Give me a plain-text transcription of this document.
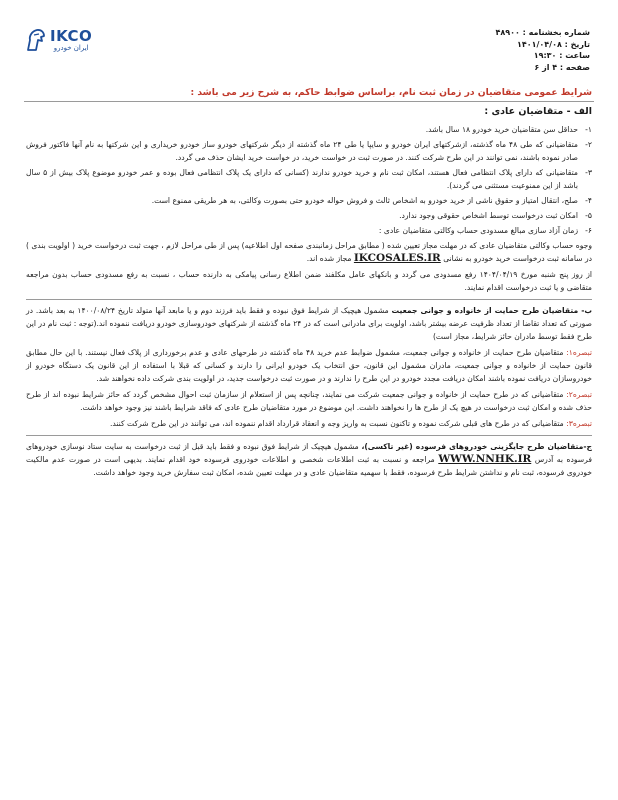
IKCO
ایران خودرو
شماره بخشنامه : ۴۸۹۰۰
تاریخ : ۱۴۰۱/۰۴/۰۸
ساعت : ۱۹:۳۰
صفحه : ۴ از ۶
شرایط عمومی متقاضیان در زمان ثبت نام، براساس ضوابط حاکم، به شرح زیر می باشد :
الف - متقاضیان عادی :
۱-
حداقل سن متقاضیان خرید خودرو ۱۸ سال باشد.
۲-
متقاضیانی که طی ۴۸ ماه گذشته، ازشرکتهای ایران خودرو و سایپا یا طی ۲۴ ماه گذشته از دیگر شرکتهای خودرو ساز خودرو خریداری و این شرکتها به نام آنها فاکتور فروش صادر نموده باشند، نمی توانند در این طرح شرکت کنند. در صورت ثبت در خواست خرید، در خواست خرید ایشان حذف می گردد.
۳-
متقاضیانی که دارای پلاک انتظامی فعال هستند، امکان ثبت نام و خرید خودرو ندارند (کسانی که دارای یک پلاک انتظامی فعال بوده و عمر خودرو موضوع پلاک بیش از ۵ سال باشد از این ممنوعیت مستثنی می گردند).
۴-
صلح، انتقال امتیاز و حقوق ناشی از خرید خودرو به اشخاص ثالث و فروش حواله خودرو حتی بصورت وکالتی، به هر طریقی ممنوع است.
۵-
امکان ثبت درخواست توسط اشخاص حقوقی وجود ندارد.
۶-
زمان آزاد سازی مبالغ مسدودی حساب وکالتی متقاضیان عادی :
وجوه حساب وکالتی متقاضیان عادی که در مهلت مجاز تعیین شده ( مطابق مراحل زمانبندی صفحه اول اطلاعیه) پس از طی مراحل لازم ، جهت ثبت درخواست خرید ( اولویت بندی ) در سامانه ثبت درخواست خرید خودرو به نشانی IKCOSALES.IR مجاز شده اند.
از روز پنج شنبه مورخ ۱۴۰۴/۰۴/۱۹ رفع مسدودی می گردد و بانکهای عامل مکلفند ضمن اطلاع رسانی پیامکی به دارنده حساب ، نسبت به رفع مسدودی حساب بدون مراجعه متقاضی و یا ثبت درخواست اقدام نمایند.
ب- متقاضیان طرح حمایت از خانواده و جوانی جمعیت مشمول هیچیک از شرایط فوق نبوده و فقط باید فرزند دوم و یا مابعد آنها متولد تاریخ ۱۴۰۰/۰۸/۲۴ به بعد باشد. در صورتی که تعداد تقاضا از تعداد ظرفیت عرضه بیشتر باشد، اولویت برای مادرانی است که در ۲۴ ماه گذشته از شرکتهای خودروسازی خودرو دریافت ننموده اند.(توجه : ثبت نام در این طرح فقط توسط مادران حائز شرایط، مجاز است)
تبصره۱: متقاضیان طرح حمایت از خانواده و جوانی جمعیت، مشمول ضوابط عدم خرید ۴۸ ماه گذشته در طرحهای عادی و عدم برخورداری از پلاک فعال نیستند. با این حال مطابق قانون حمایت از خانواده و جوانی جمعیت، مادران مشمول این قانون، حق انتخاب یک خودرو ایرانی را دارند و کسانی که قبلا با استفاده از این قانون یک دستگاه خودرو از خودروسازان دریافت نموده باشند امکان دریافت مجدد خودرو در این طرح را ندارند و در صورت ثبت درخواست جدید، در اولویت بندی شرکت داده نخواهند شد.
تبصره۲: متقاضیانی که در طرح حمایت از خانواده و جوانی جمعیت شرکت می نمایند، چنانچه پس از استعلام از سازمان ثبت احوال مشخص گردد که حائز شرایط نبوده اند از طرح حذف شده و امکان ثبت درخواست در هیچ یک از طرح ها را نخواهند داشت. این موضوع در مورد متقاضیان طرح عادی که فاقد شرایط باشند نیز وجود خواهد داشت.
تبصره۳: متقاضیانی که در طرح های قبلی شرکت نموده و تاکنون نسبت به واریز وجه و انعقاد قرارداد اقدام ننموده اند، می توانند در این طرح شرکت کنند.
ج-متقاضیان طرح جایگزینی خودروهای فرسوده (غیر تاکسی)، مشمول هیچیک از شرایط فوق نبوده و فقط باید قبل از ثبت درخواست به سایت ستاد نوسازی خودروهای فرسوده به آدرس WWW.NNHK.IR مراجعه و نسبت به ثبت اطلاعات شخصی و اطلاعات خودروی فرسوده خود اقدام نمایند. بدیهی است در صورت عدم مالکیت خودروی فرسوده، ثبت نام و نداشتن شرایط طرح فرسوده، فقط با سهمیه متقاضیان عادی و در مهلت تعیین شده، امکان ثبت سفارش خرید وجود خواهد داشت.
